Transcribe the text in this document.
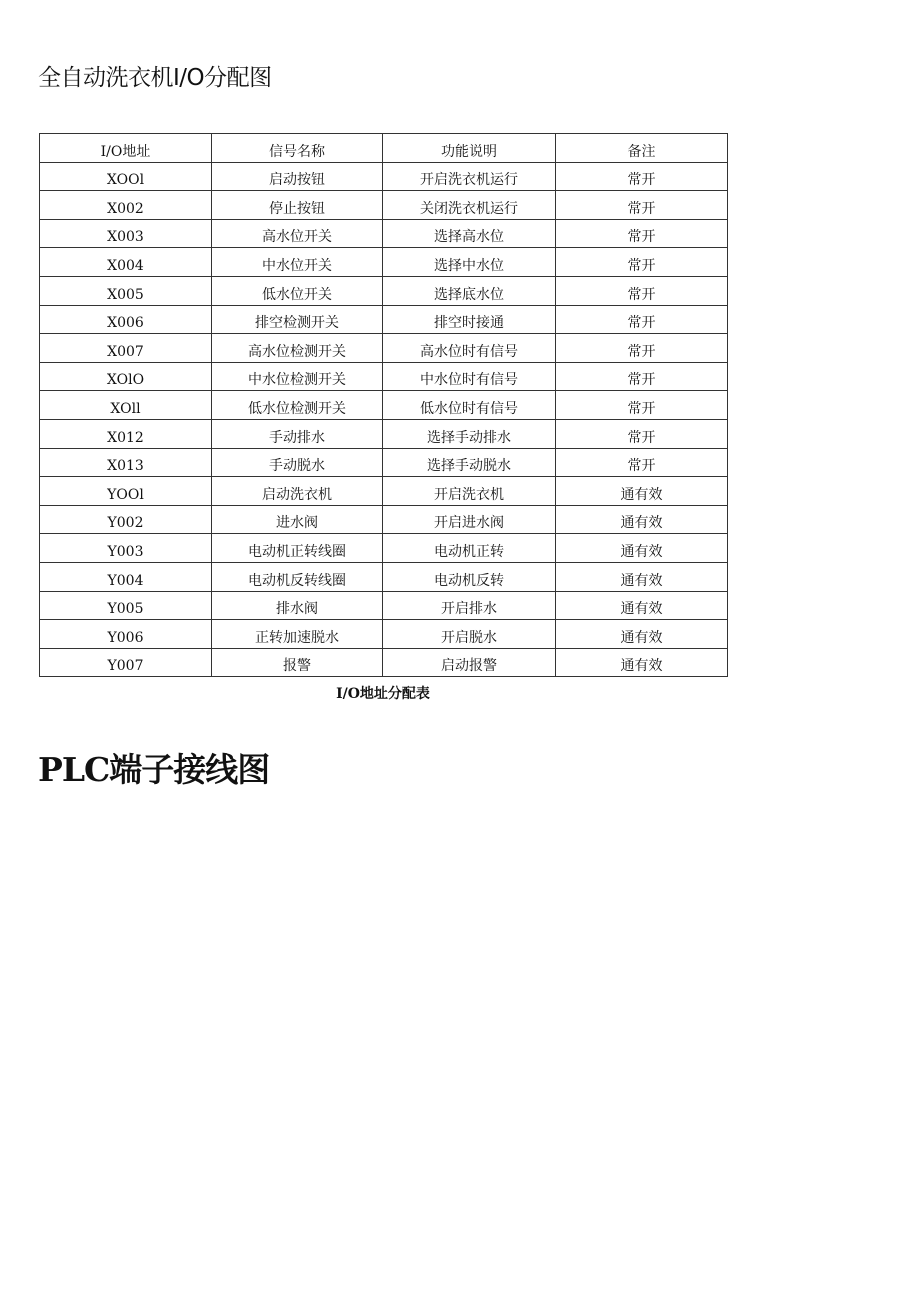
全自动洗衣机I/O分配图
I/O地址	信号名称	功能说明	备注
XOOl	启动按钮	开启洗衣机运行	常开
X002	停止按钮	关闭洗衣机运行	常开
X003	高水位开关	选择高水位	常开
X004	中水位开关	选择中水位	常开
X005	低水位开关	选择底水位	常开
X006	排空检测开关	排空时接通	常开
X007	高水位检测开关	高水位时有信号	常开
XOlO	中水位检测开关	中水位时有信号	常开
XOll	低水位检测开关	低水位时有信号	常开
X012	手动排水	选择手动排水	常开
X013	手动脱水	选择手动脱水	常开
YOOl	启动洗衣机	开启洗衣机	通有效
Y002	进水阀	开启进水阀	通有效
Y003	电动机正转线圈	电动机正转	通有效
Y004	电动机反转线圈	电动机反转	通有效
Y005	排水阀	开启排水	通有效
Y006	正转加速脱水	开启脱水	通有效
Y007	报警	启动报警	通有效
I/O地址分配表
PLC端子接线图
